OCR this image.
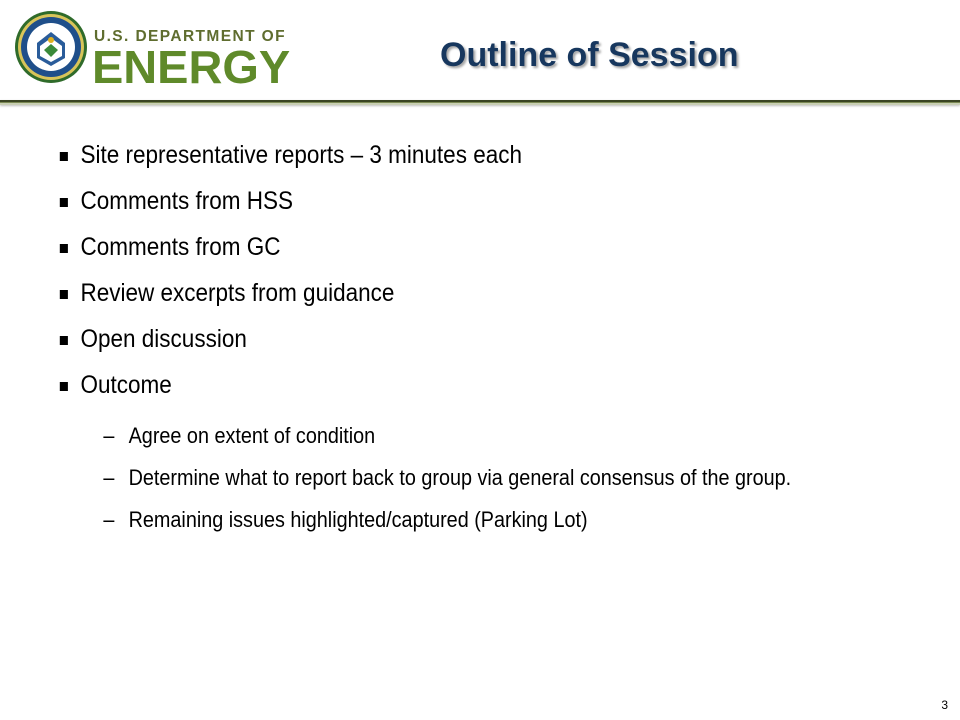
U.S. DEPARTMENT OF
ENERGY	Outline of Session
Site representative reports – 3 minutes each
Comments from HSS
Comments from GC
Review excerpts from guidance
Open discussion
Outcome
– Agree on extent of condition
– Determine what to report back to group via general consensus of the group.
– Remaining issues highlighted/captured (Parking Lot)
3
